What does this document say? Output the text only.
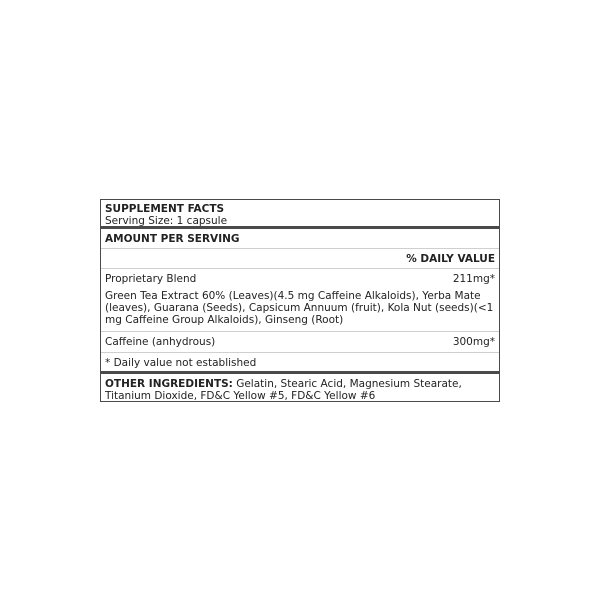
SUPPLEMENT FACTS
Serving Size: 1 capsule
AMOUNT PER SERVING
% DAILY VALUE
Proprietary Blend	211mg*
Green Tea Extract 60% (Leaves)(4.5 mg Caffeine Alkaloids), Yerba Mate (leaves), Guarana (Seeds), Capsicum Annuum (fruit), Kola Nut (seeds)(<1 mg Caffeine Group Alkaloids), Ginseng (Root)
Caffeine (anhydrous)	300mg*
* Daily value not established
OTHER INGREDIENTS: Gelatin, Stearic Acid, Magnesium Stearate, Titanium Dioxide, FD&C Yellow #5, FD&C Yellow #6
